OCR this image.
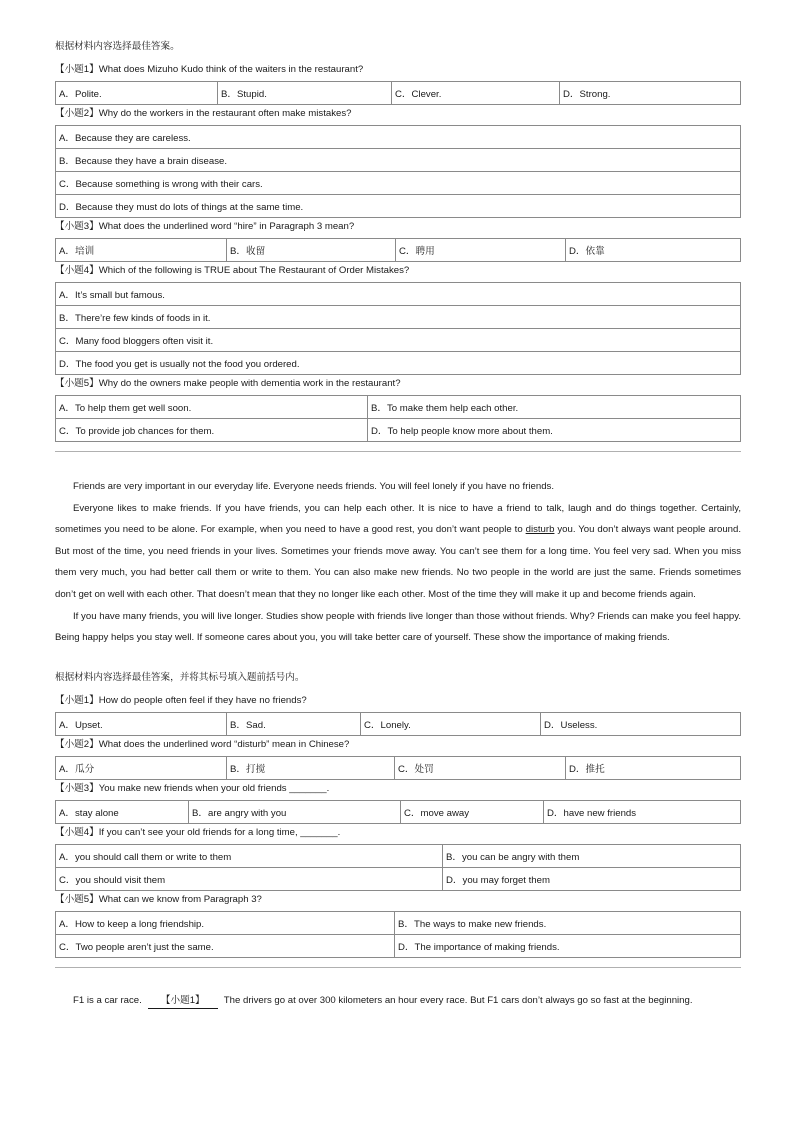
根据材料内容选择最佳答案。
【小题1】What does Mizuho Kudo think of the waiters in the restaurant?
A．Polite.	B．Stupid.	C．Clever.	D．Strong.
【小题2】Why do the workers in the restaurant often make mistakes?
A．Because they are careless.
B．Because they have a brain disease.
C．Because something is wrong with their cars.
D．Because they must do lots of things at the same time.
【小题3】What does the underlined word “hire” in Paragraph 3 mean?
A．培训	B．收留	C．聘用	D．依靠
【小题4】Which of the following is TRUE about The Restaurant of Order Mistakes?
A．It’s small but famous.
B．There’re few kinds of foods in it.
C．Many food bloggers often visit it.
D．The food you get is usually not the food you ordered.
【小题5】Why do the owners make people with dementia work in the restaurant?
A．To help them get well soon.	B．To make them help each other.
C．To provide job chances for them.	D．To help people know more about them.

Friends are very important in our everyday life. Everyone needs friends. You will feel lonely if you have no friends.

Everyone likes to make friends. If you have friends, you can help each other. It is nice to have a friend to talk, laugh and do things together. Certainly, sometimes you need to be alone. For example, when you need to have a good rest, you don’t want people to disturb you. You don’t always want people around. But most of the time, you need friends in your lives. Sometimes your friends move away. You can’t see them for a long time. You feel very sad. When you miss them very much, you had better call them or write to them. You can also make new friends. No two people in the world are just the same. Friends sometimes don’t get on well with each other. That doesn’t mean that they no longer like each other. Most of the time they will make it up and become friends again.

If you have many friends, you will live longer. Studies show people with friends live longer than those without friends. Why? Friends can make you feel happy. Being happy helps you stay well. If someone cares about you, you will take better care of yourself. These show the importance of making friends.

根据材料内容选择最佳答案，并将其标号填入题前括号内。
【小题1】How do people often feel if they have no friends?
A．Upset.	B．Sad.	C．Lonely.	D．Useless.
【小题2】What does the underlined word “disturb” mean in Chinese?
A．瓜分	B．打搅	C．处罚	D．推托
【小题3】You make new friends when your old friends _______.
A．stay alone	B．are angry with you	C．move away	D．have new friends
【小题4】If you can’t see your old friends for a long time, _______.
A．you should call them or write to them	B．you can be angry with them
C．you should visit them	D．you may forget them
【小题5】What can we know from Paragraph 3?
A．How to keep a long friendship.	B．The ways to make new friends.
C．Two people aren’t just the same.	D．The importance of making friends.
F1 is a car race. 【小题1】 The drivers go at over 300 kilometers an hour every race. But F1 cars don’t always go so fast at the beginning.
